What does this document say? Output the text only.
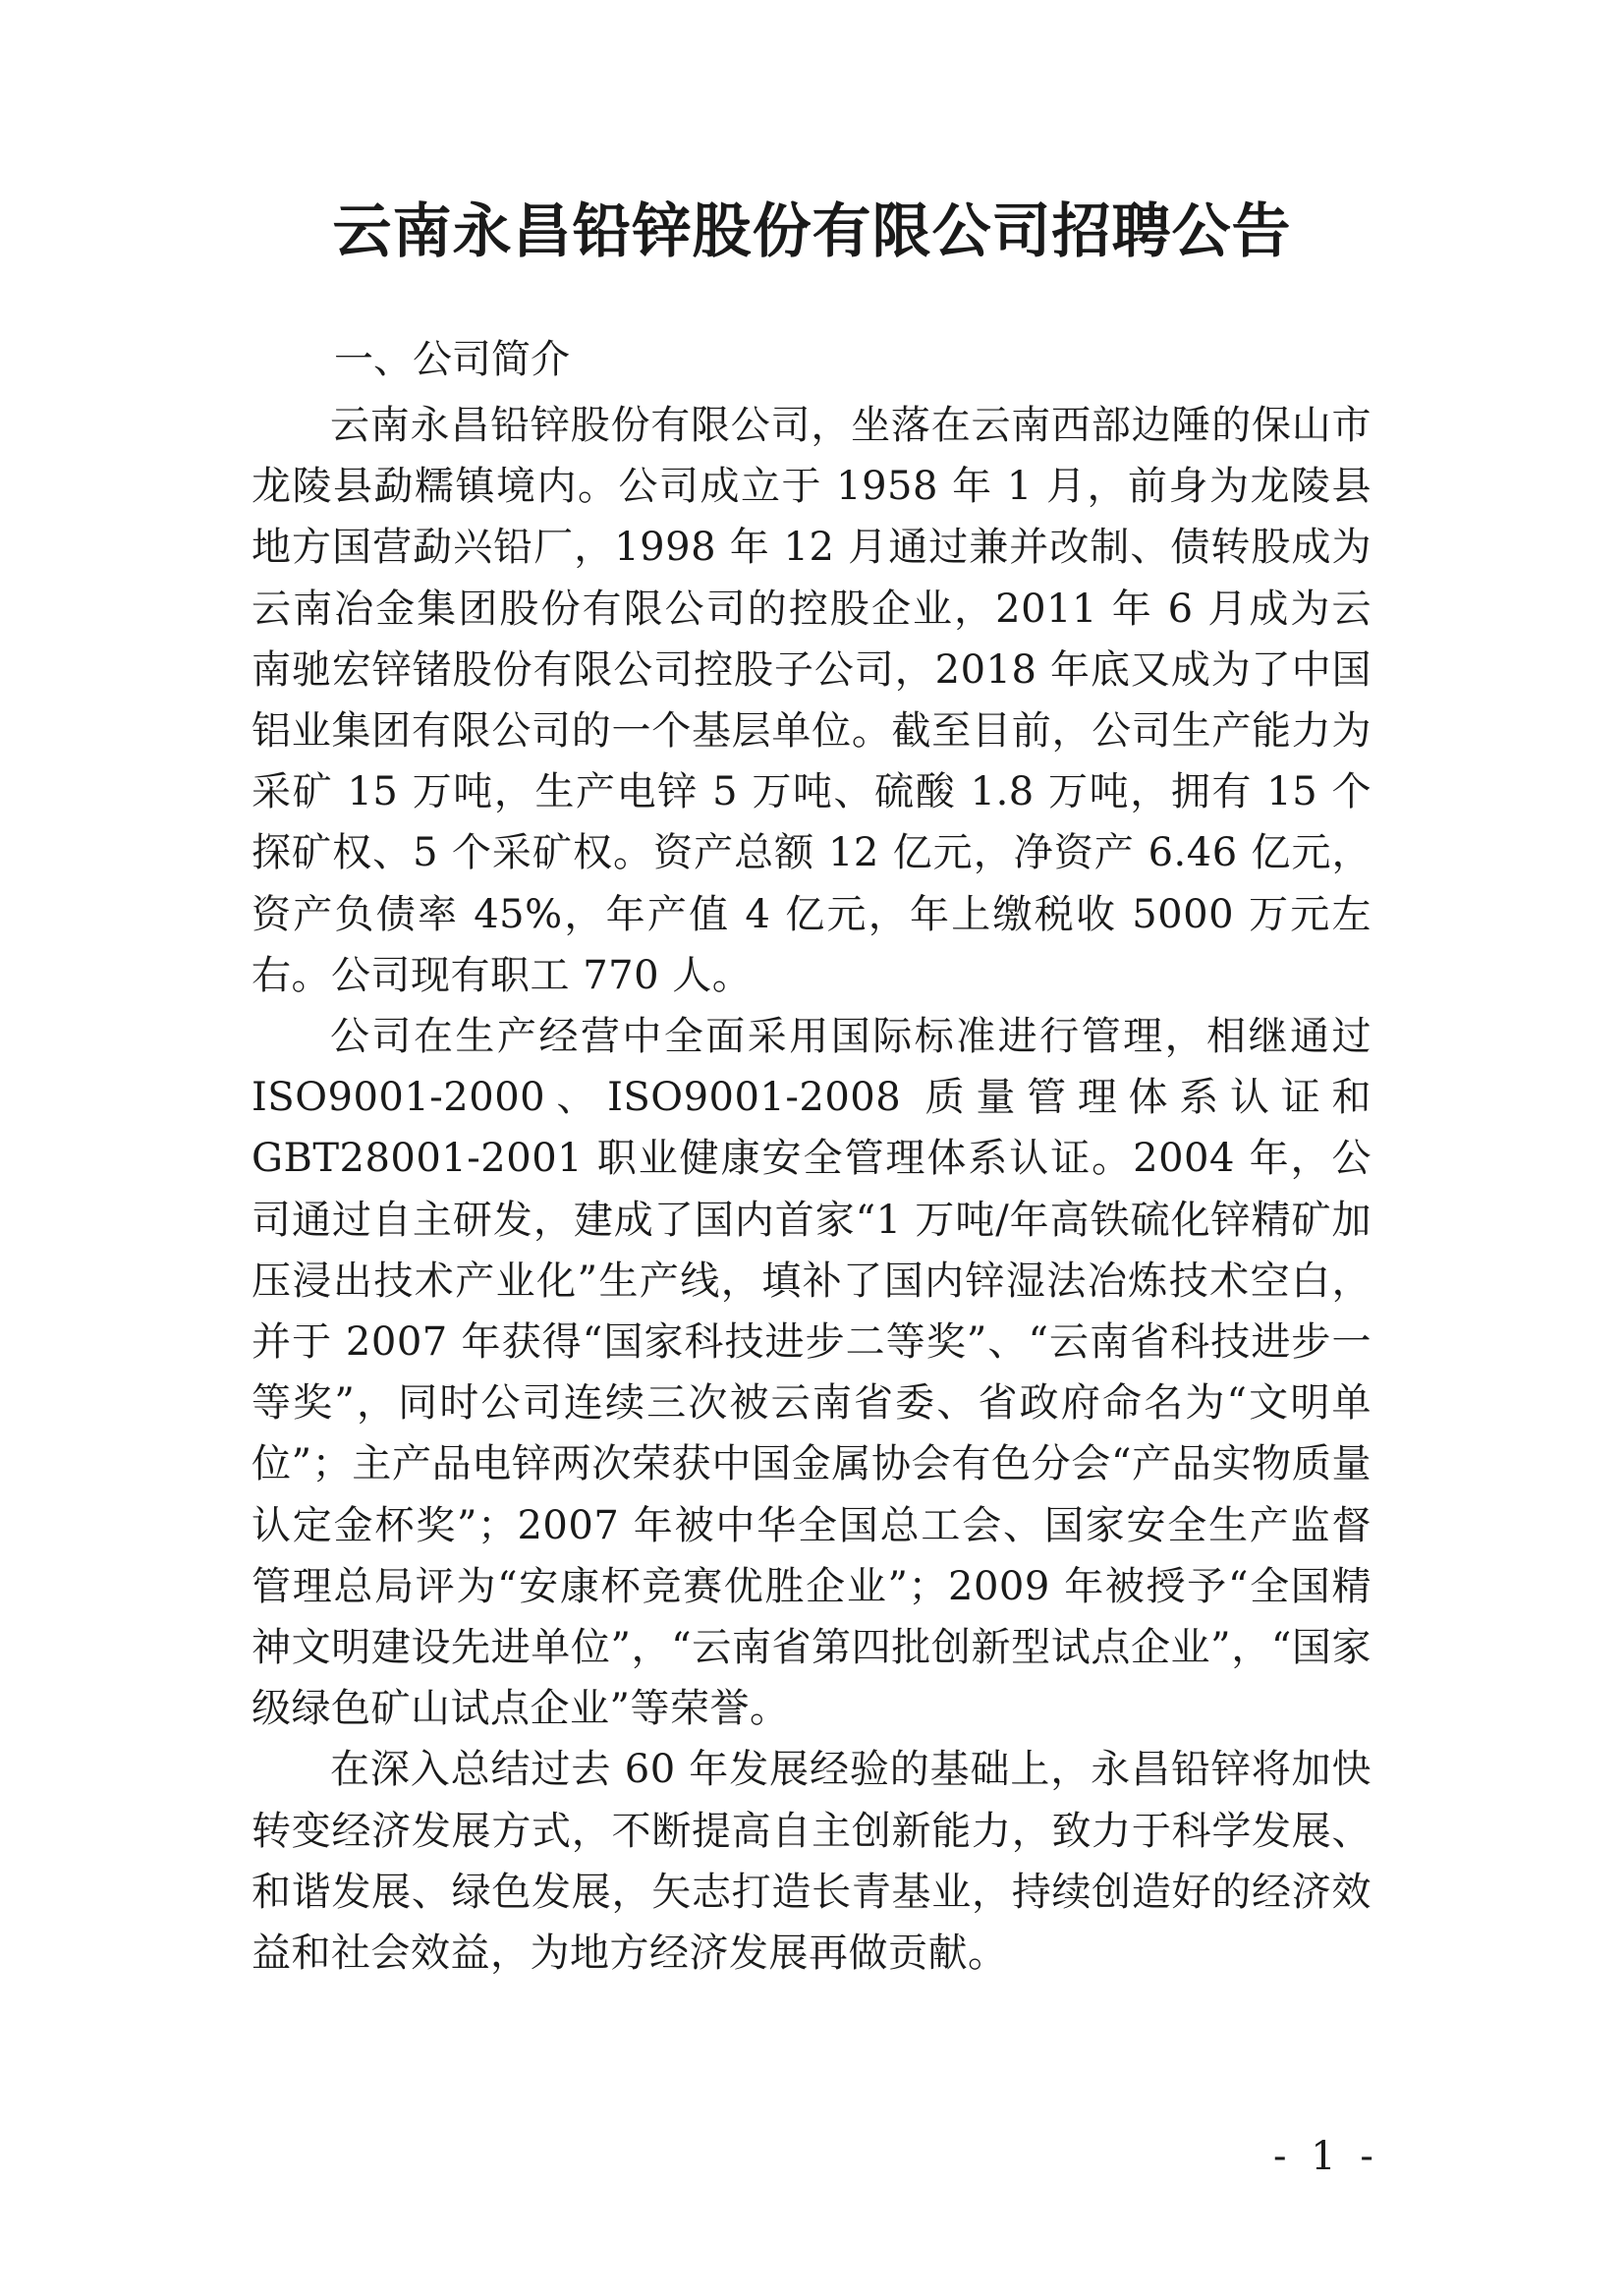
云南永昌铅锌股份有限公司招聘公告
一、公司简介

云南永昌铅锌股份有限公司，坐落在云南西部边陲的保山市龙陵县勐糯镇境内。公司成立于 1958 年 1 月，前身为龙陵县地方国营勐兴铅厂，1998 年 12 月通过兼并改制、债转股成为云南冶金集团股份有限公司的控股企业，2011 年 6 月成为云南驰宏锌锗股份有限公司控股子公司，2018 年底又成为了中国铝业集团有限公司的一个基层单位。截至目前，公司生产能力为采矿 15 万吨，生产电锌 5 万吨、硫酸 1.8 万吨，拥有 15 个探矿权、5 个采矿权。资产总额 12 亿元，净资产 6.46 亿元，资产负债率 45%，年产值 4 亿元，年上缴税收 5000 万元左右。公司现有职工 770 人。

公司在生产经营中全面采用国际标准进行管理，相继通过 ISO9001-2000、ISO9001-2008 质量管理体系认证和 GBT28001-2001 职业健康安全管理体系认证。2004 年，公司通过自主研发，建成了国内首家“1 万吨/年高铁硫化锌精矿加压浸出技术产业化”生产线，填补了国内锌湿法冶炼技术空白，并于 2007 年获得“国家科技进步二等奖”、“云南省科技进步一等奖”，同时公司连续三次被云南省委、省政府命名为“文明单位”；主产品电锌两次荣获中国金属协会有色分会“产品实物质量认定金杯奖”；2007 年被中华全国总工会、国家安全生产监督管理总局评为“安康杯竞赛优胜企业”；2009 年被授予“全国精神文明建设先进单位”，“云南省第四批创新型试点企业”，“国家级绿色矿山试点企业”等荣誉。

在深入总结过去 60 年发展经验的基础上，永昌铅锌将加快转变经济发展方式，不断提高自主创新能力，致力于科学发展、和谐发展、绿色发展，矢志打造长青基业，持续创造好的经济效益和社会效益，为地方经济发展再做贡献。

- 1 -
